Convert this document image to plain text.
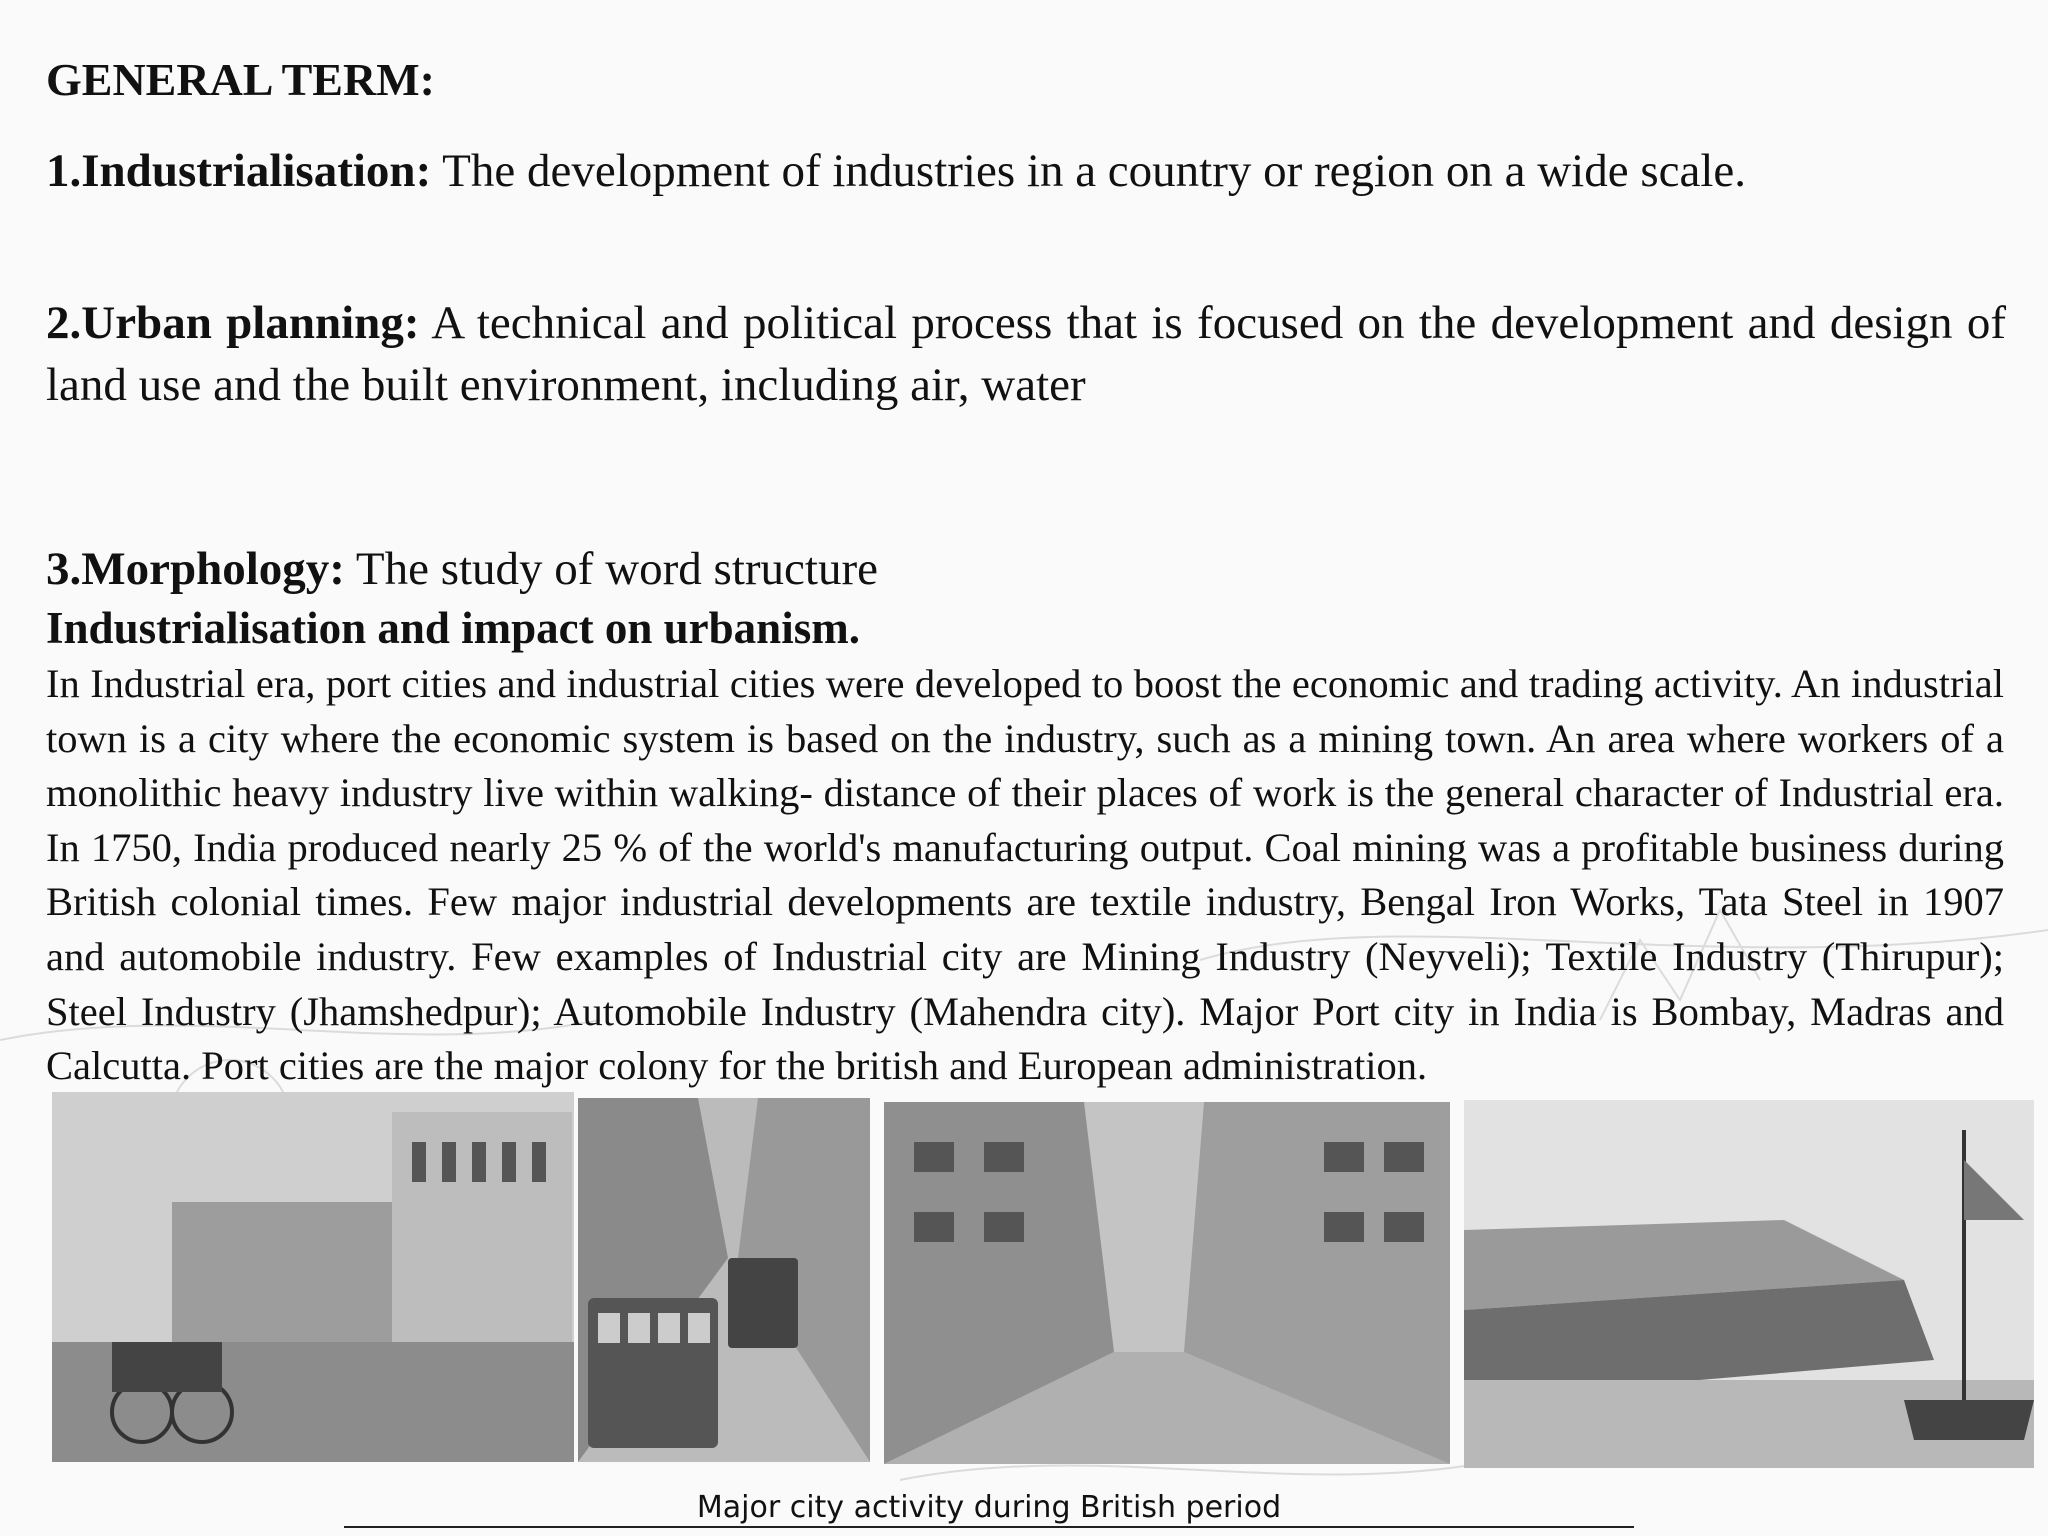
GENERAL TERM:

1.Industrialisation: The development of industries in a country or region on a wide scale.

2.Urban planning: A technical and political process that is focused on the development and design of land use and the built environment, including air, water

3.Morphology: The study of word structure

Industrialisation and impact on urbanism.

In Industrial era, port cities and industrial cities were developed to boost the economic and trading activity. An industrial town is a city where the economic system is based on the industry, such as a mining town. An area where workers of a monolithic heavy industry live within walking- distance of their places of work is the general character of Industrial era. In 1750, India produced nearly 25 % of the world's manufacturing output. Coal mining was a profitable business during British colonial times. Few major industrial developments are textile industry, Bengal Iron Works, Tata Steel in 1907 and automobile industry. Few examples of Industrial city are Mining Industry (Neyveli); Textile Industry (Thirupur); Steel Industry (Jhamshedpur); Automobile Industry (Mahendra city). Major Port city in India is Bombay, Madras and Calcutta. Port cities are the major colony for the british and European administration.

Major city activity during British period
